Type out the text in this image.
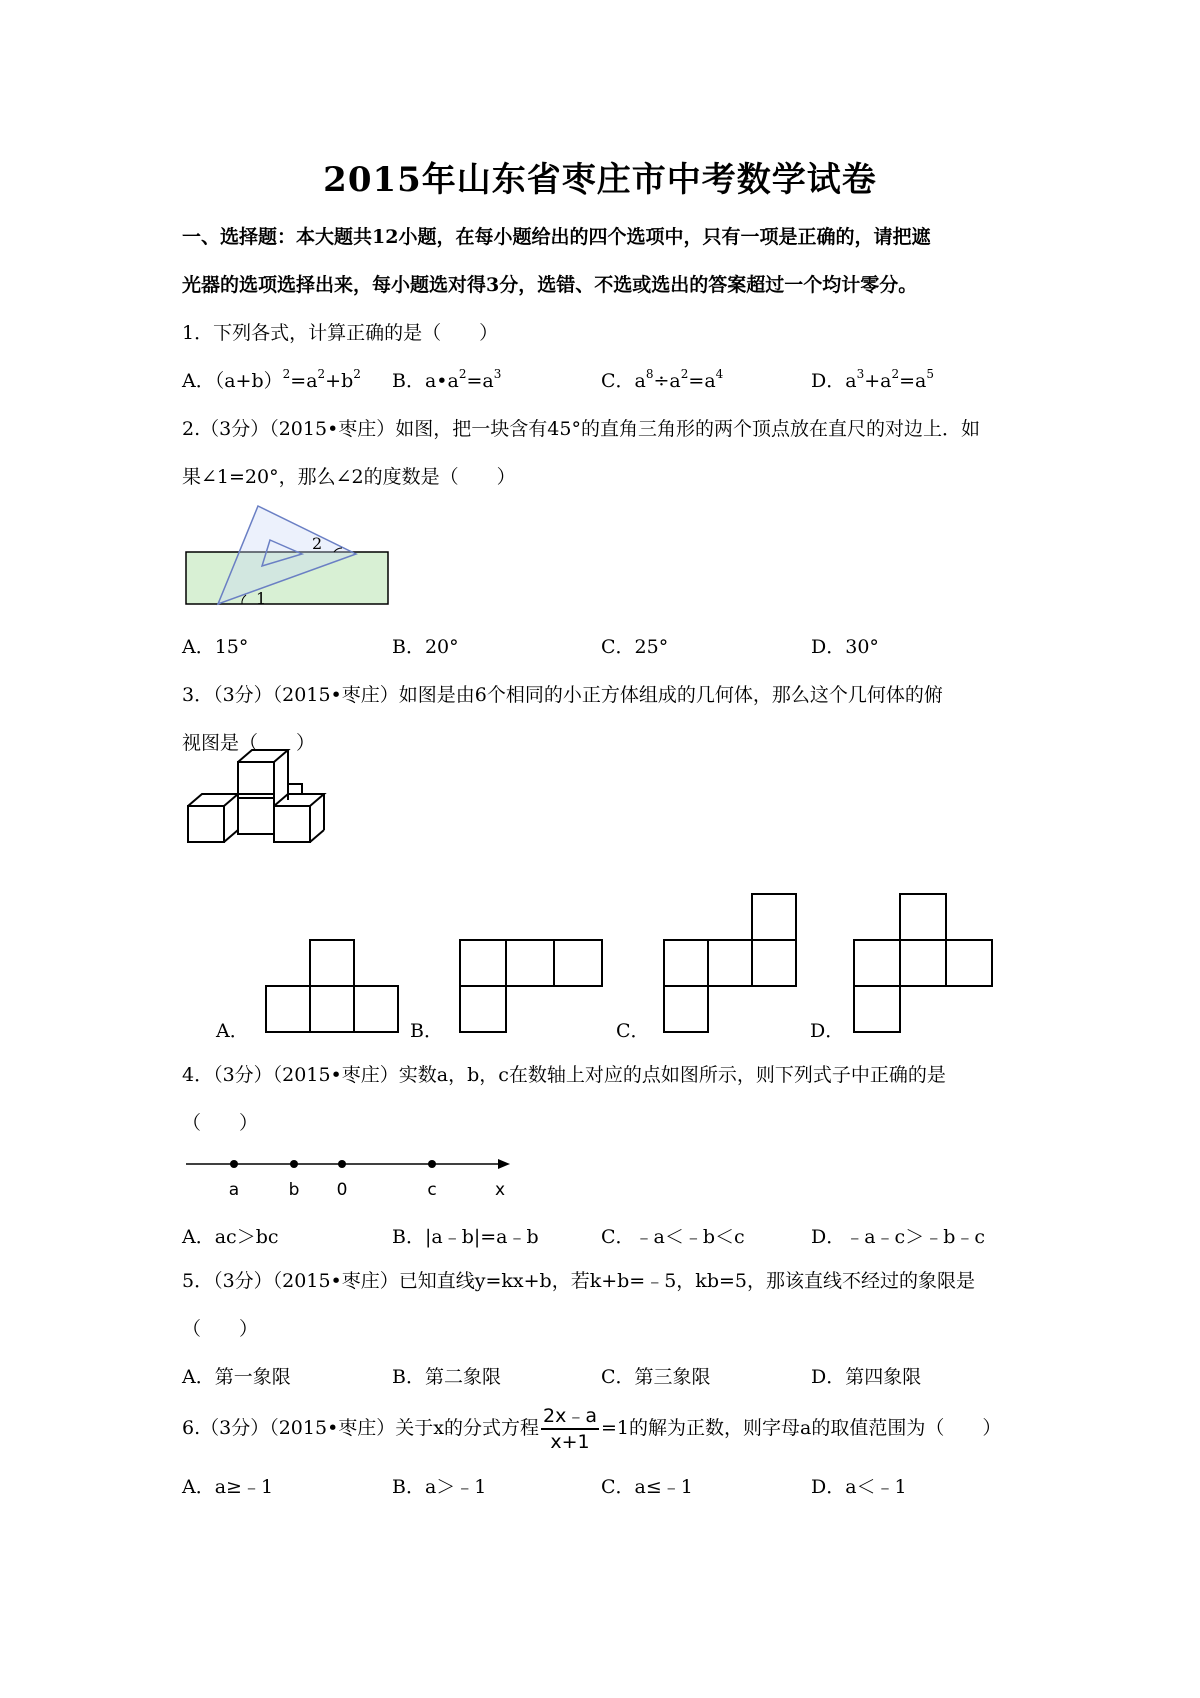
2015年山东省枣庄市中考数学试卷
一、选择题：本大题共12小题，在每小题给出的四个选项中，只有一项是正确的，请把遮
光器的选项选择出来，每小题选对得3分，选错、不选或选出的答案超过一个均计零分。
1．下列各式，计算正确的是（　　）
A．$(a+b)^2=a^2+b^2$ B．$a•a^2=a^3$	C．$a^8\div a^2=a^4$	D．$a^3+a^2=a^5$
2.（3分）（2015•枣庄）如图，把一块含有45°的直角三角形的两个顶点放在直尺的对边上．如
果∠1=20°，那么∠2的度数是（　　）
2
1
A．15°	B．20°	C．25°	D．30°
3．（3分）（2015•枣庄）如图是由6个相同的小正方体组成的几何体，那么这个几何体的俯
视图是（　　）
A．	B．	C．	D．
4．（3分）（2015•枣庄）实数a，b，c在数轴上对应的点如图所示，则下列式子中正确的是
（　　）
a	b 0	c	x
A．ac＞bc	B．|a﹣b|=a﹣b	C．﹣a＜﹣b＜c	D．﹣a﹣c＞﹣b﹣c
5．（3分）（2015•枣庄）已知直线y=kx+b，若k+b=﹣5，kb=5，那该直线不经过的象限是
（　　）
A．第一象限	B．第二象限	C．第三象限	D．第四象限
6.（3分）（2015•枣庄）关于x的分式方程 $\frac{2x﹣a}{x+1} =1$的解为正数，则字母a的取值范围为（　　）
A．a≥﹣1	B．a＞﹣1	C．a≤﹣1	D．a＜﹣1
